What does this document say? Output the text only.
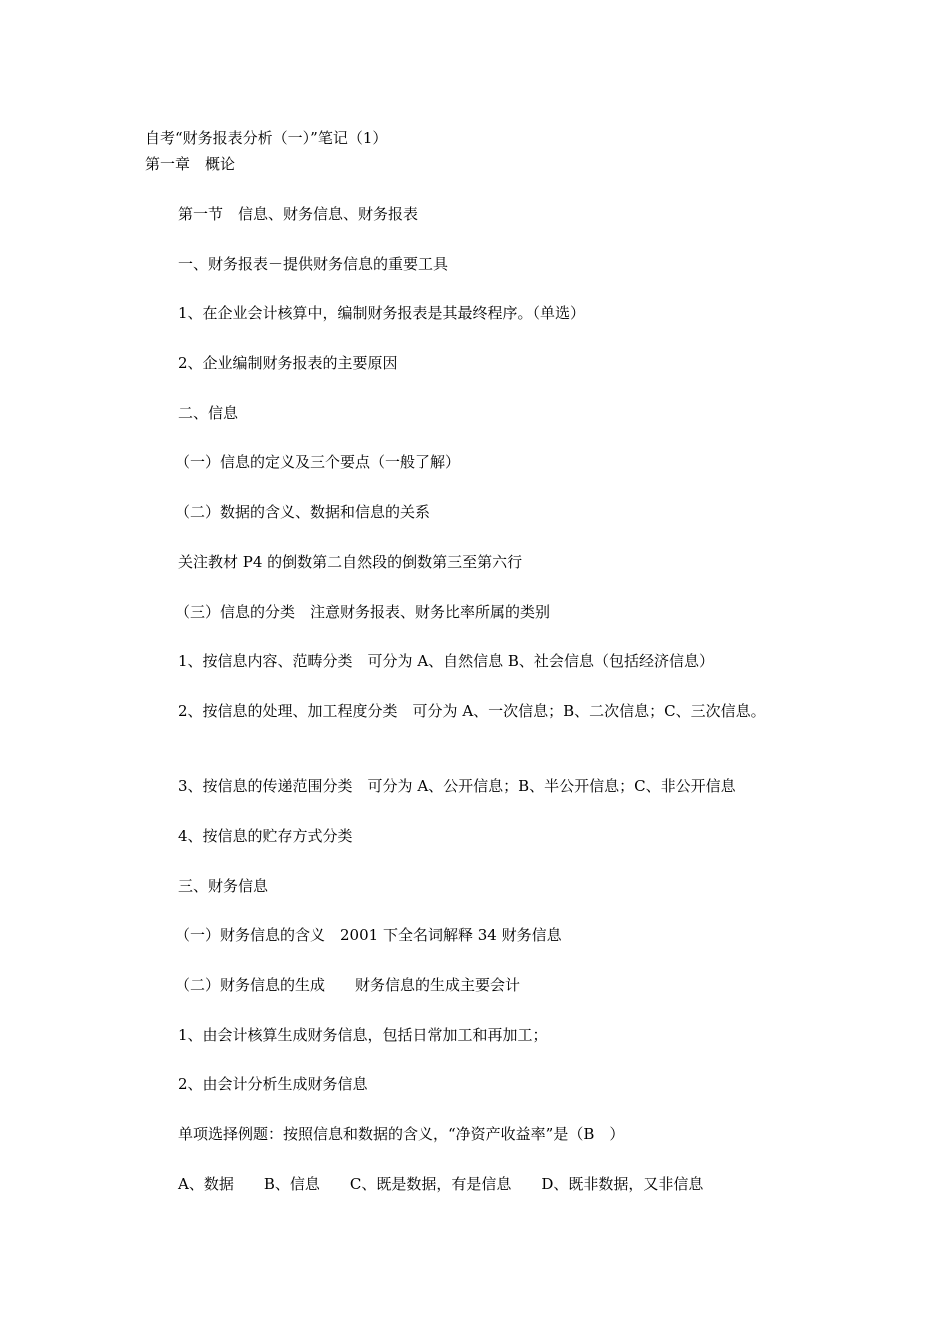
自考“财务报表分析（一）”笔记（1）
第一章　概论
第一节　信息、财务信息、财务报表
一、财务报表－提供财务信息的重要工具
1、在企业会计核算中，编制财务报表是其最终程序。（单选）
2、企业编制财务报表的主要原因
二、信息
（一）信息的定义及三个要点（一般了解）
（二）数据的含义、数据和信息的关系
关注教材 P4 的倒数第二自然段的倒数第三至第六行
（三）信息的分类　注意财务报表、财务比率所属的类别
1、按信息内容、范畴分类　可分为 A、自然信息 B、社会信息（包括经济信息）
2、按信息的处理、加工程度分类　可分为 A、一次信息；B、二次信息；C、三次信息。
3、按信息的传递范围分类　可分为 A、公开信息；B、半公开信息；C、非公开信息
4、按信息的贮存方式分类
三、财务信息
（一）财务信息的含义　2001 下全名词解释 34 财务信息
（二）财务信息的生成　　财务信息的生成主要会计
1、由会计核算生成财务信息，包括日常加工和再加工；
2、由会计分析生成财务信息
单项选择例题：按照信息和数据的含义，“净资产收益率”是（B　）
A、数据　　B、信息　　C、既是数据，有是信息　　D、既非数据，又非信息
